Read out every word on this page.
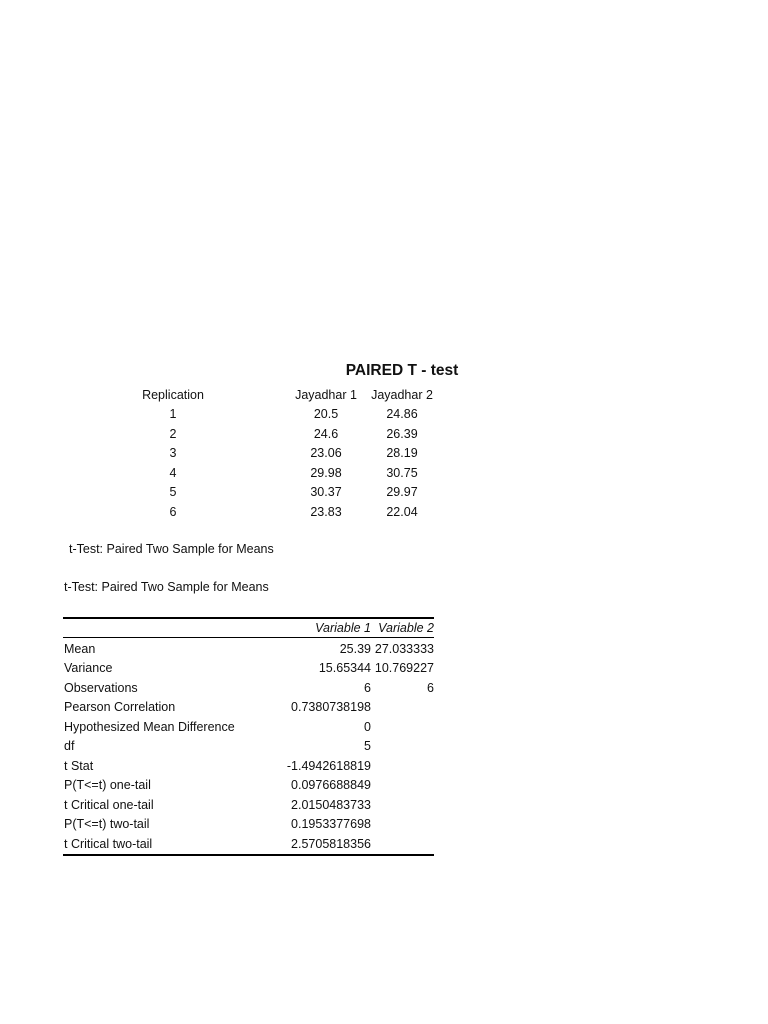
PAIRED T - test
Replication		Jayadhar 1	Jayadhar 2
1		20.5	24.86
2		24.6	26.39
3		23.06	28.19
4		29.98	30.75
5		30.37	29.97
6		23.83	22.04
t-Test: Paired Two Sample for Means
t-Test: Paired Two Sample for Means
	Variable 1	Variable 2
Mean	25.39	27.033333
Variance	15.65344	10.769227
Observations	6	6
Pearson Correlation	0.7380738198	
Hypothesized Mean Difference	0	
df	5	
t Stat	-1.4942618819	
P(T<=t) one-tail	0.0976688849	
t Critical one-tail	2.0150483733	
P(T<=t) two-tail	0.1953377698	
t Critical two-tail	2.5705818356	
